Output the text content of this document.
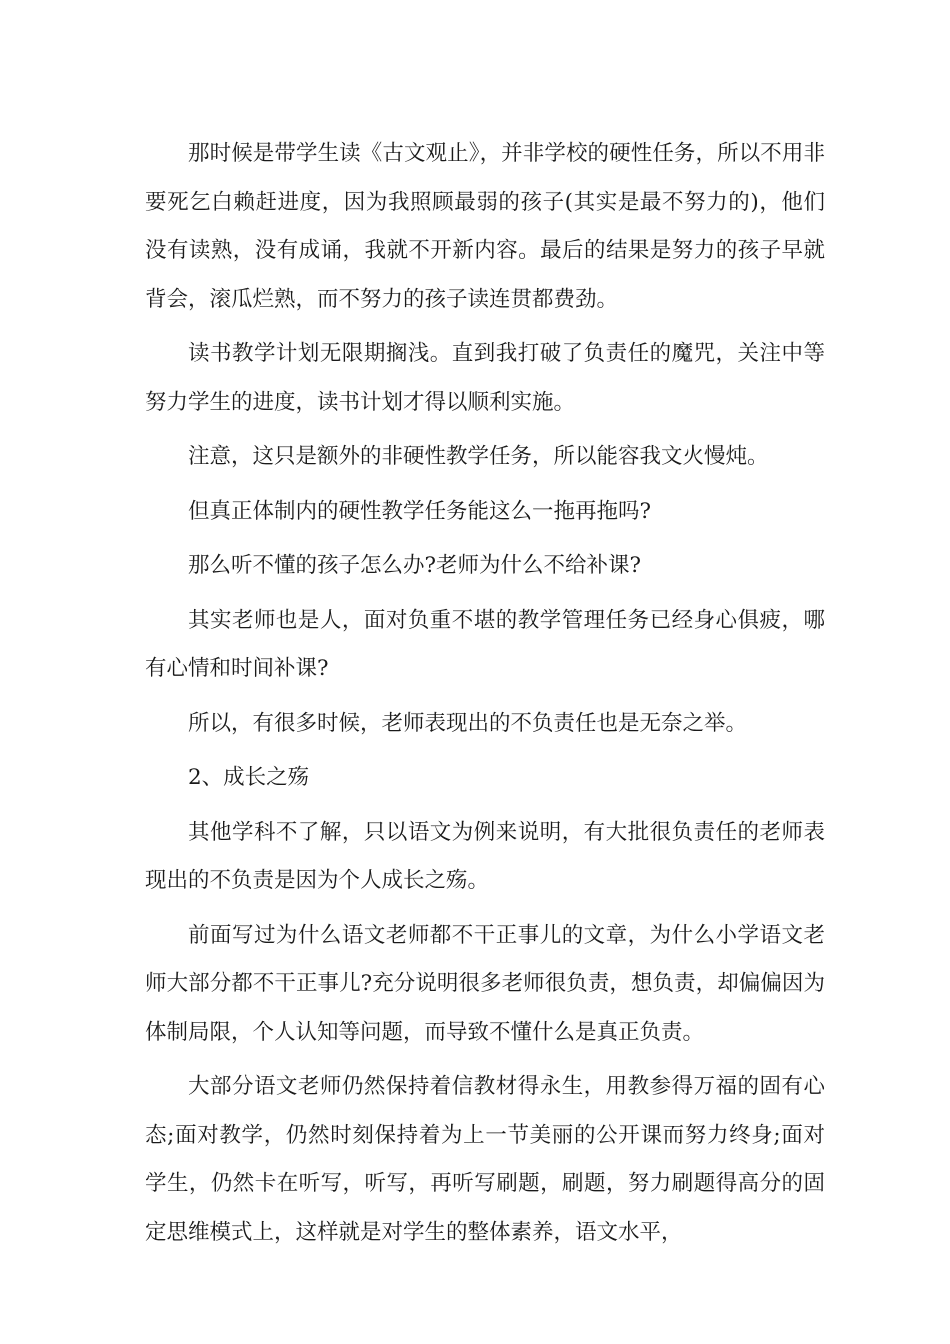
那时候是带学生读《古文观止》，并非学校的硬性任务，所以不用非要死乞白赖赶进度，因为我照顾最弱的孩子(其实是最不努力的)，他们没有读熟，没有成诵，我就不开新内容。最后的结果是努力的孩子早就背会，滚瓜烂熟，而不努力的孩子读连贯都费劲。

读书教学计划无限期搁浅。直到我打破了负责任的魔咒，关注中等努力学生的进度，读书计划才得以顺利实施。

注意，这只是额外的非硬性教学任务，所以能容我文火慢炖。

但真正体制内的硬性教学任务能这么一拖再拖吗?

那么听不懂的孩子怎么办?老师为什么不给补课?

其实老师也是人，面对负重不堪的教学管理任务已经身心俱疲，哪有心情和时间补课?

所以，有很多时候，老师表现出的不负责任也是无奈之举。

2、成长之殇

其他学科不了解，只以语文为例来说明，有大批很负责任的老师表现出的不负责是因为个人成长之殇。

前面写过为什么语文老师都不干正事儿的文章，为什么小学语文老师大部分都不干正事儿?充分说明很多老师很负责，想负责，却偏偏因为体制局限，个人认知等问题，而导致不懂什么是真正负责。

大部分语文老师仍然保持着信教材得永生，用教参得万福的固有心态;面对教学，仍然时刻保持着为上一节美丽的公开课而努力终身;面对学生，仍然卡在听写，听写，再听写刷题，刷题，努力刷题得高分的固定思维模式上，这样就是对学生的整体素养，语文水平，
